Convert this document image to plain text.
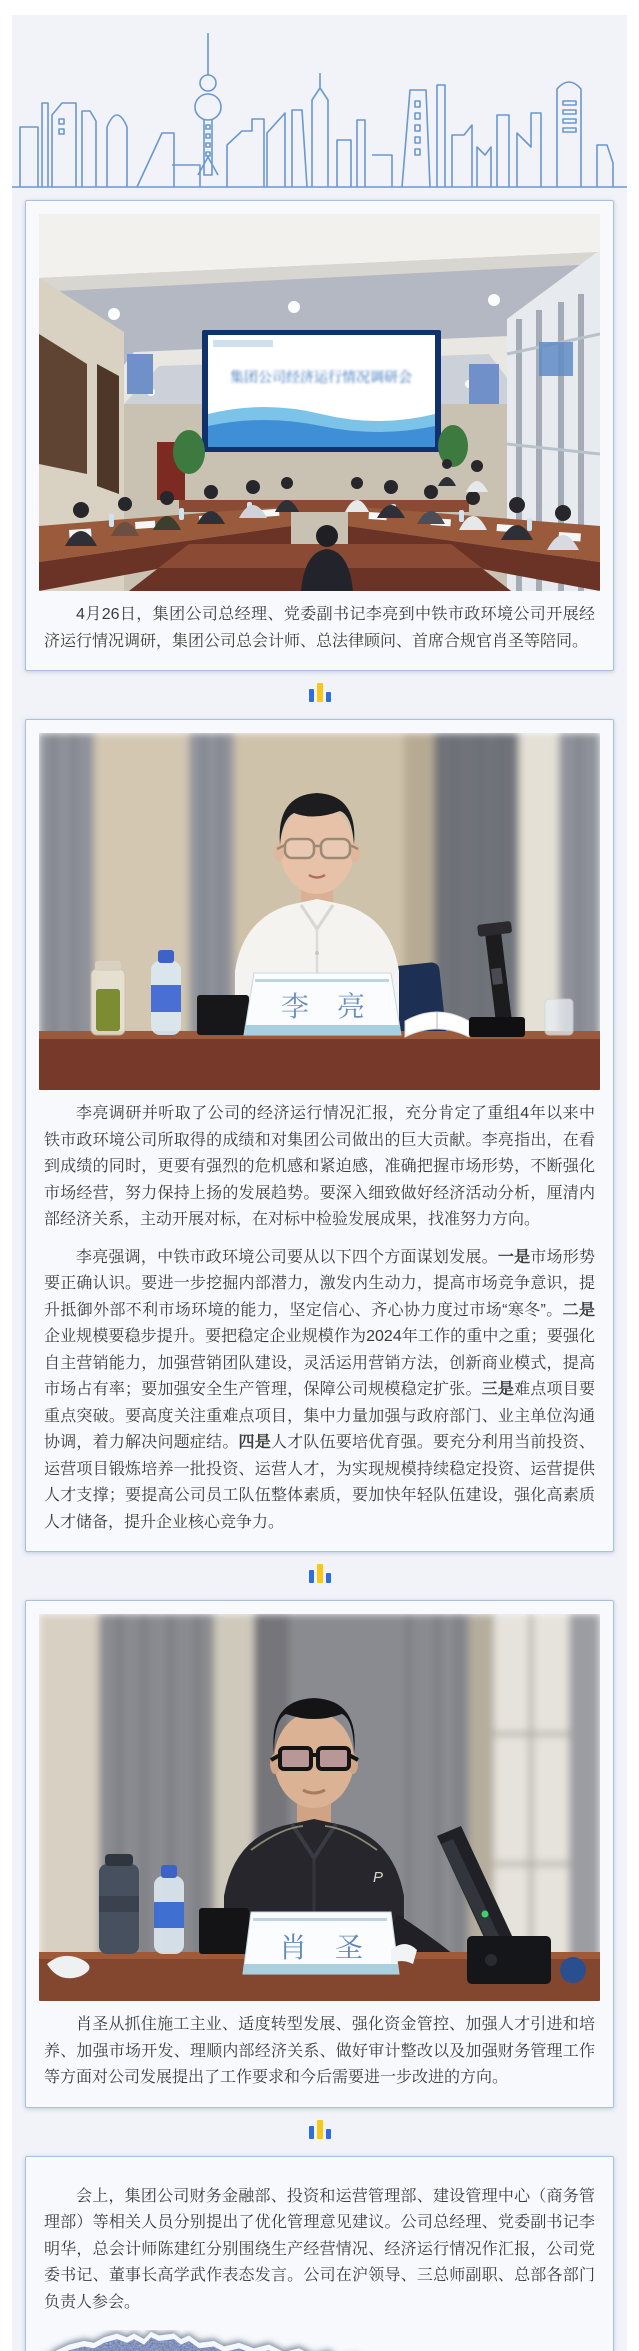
集团公司经济运行情况调研会

4月26日，集团公司总经理、党委副书记李亮到中铁市政环境公司开展经济运行情况调研，集团公司总会计师、总法律顾问、首席合规官肖圣等陪同。

李　亮

李亮调研并听取了公司的经济运行情况汇报，充分肯定了重组4年以来中铁市政环境公司所取得的成绩和对集团公司做出的巨大贡献。李亮指出，在看到成绩的同时，更要有强烈的危机感和紧迫感，准确把握市场形势，不断强化市场经营，努力保持上扬的发展趋势。要深入细致做好经济活动分析，厘清内部经济关系，主动开展对标，在对标中检验发展成果，找准努力方向。

李亮强调，中铁市政环境公司要从以下四个方面谋划发展。一是市场形势要正确认识。要进一步挖掘内部潜力，激发内生动力，提高市场竞争意识，提升抵御外部不利市场环境的能力，坚定信心、齐心协力度过市场“寒冬”。二是企业规模要稳步提升。要把稳定企业规模作为2024年工作的重中之重；要强化自主营销能力，加强营销团队建设，灵活运用营销方法，创新商业模式，提高市场占有率；要加强安全生产管理，保障公司规模稳定扩张。三是难点项目要重点突破。要高度关注重难点项目，集中力量加强与政府部门、业主单位沟通协调，着力解决问题症结。四是人才队伍要培优育强。要充分利用当前投资、运营项目锻炼培养一批投资、运营人才，为实现规模持续稳定投资、运营提供人才支撑；要提高公司员工队伍整体素质，要加快年轻队伍建设，强化高素质人才储备，提升企业核心竞争力。

P
肖　圣

肖圣从抓住施工主业、适度转型发展、强化资金管控、加强人才引进和培养、加强市场开发、理顺内部经济关系、做好审计整改以及加强财务管理工作等方面对公司发展提出了工作要求和今后需要进一步改进的方向。

会上，集团公司财务金融部、投资和运营管理部、建设管理中心（商务管理部）等相关人员分别提出了优化管理意见建议。公司总经理、党委副书记李明华，总会计师陈建红分别围绕生产经营情况、经济运行情况作汇报，公司党委书记、董事长高学武作表态发言。公司在沪领导、三总师副职、总部各部门负责人参会。
